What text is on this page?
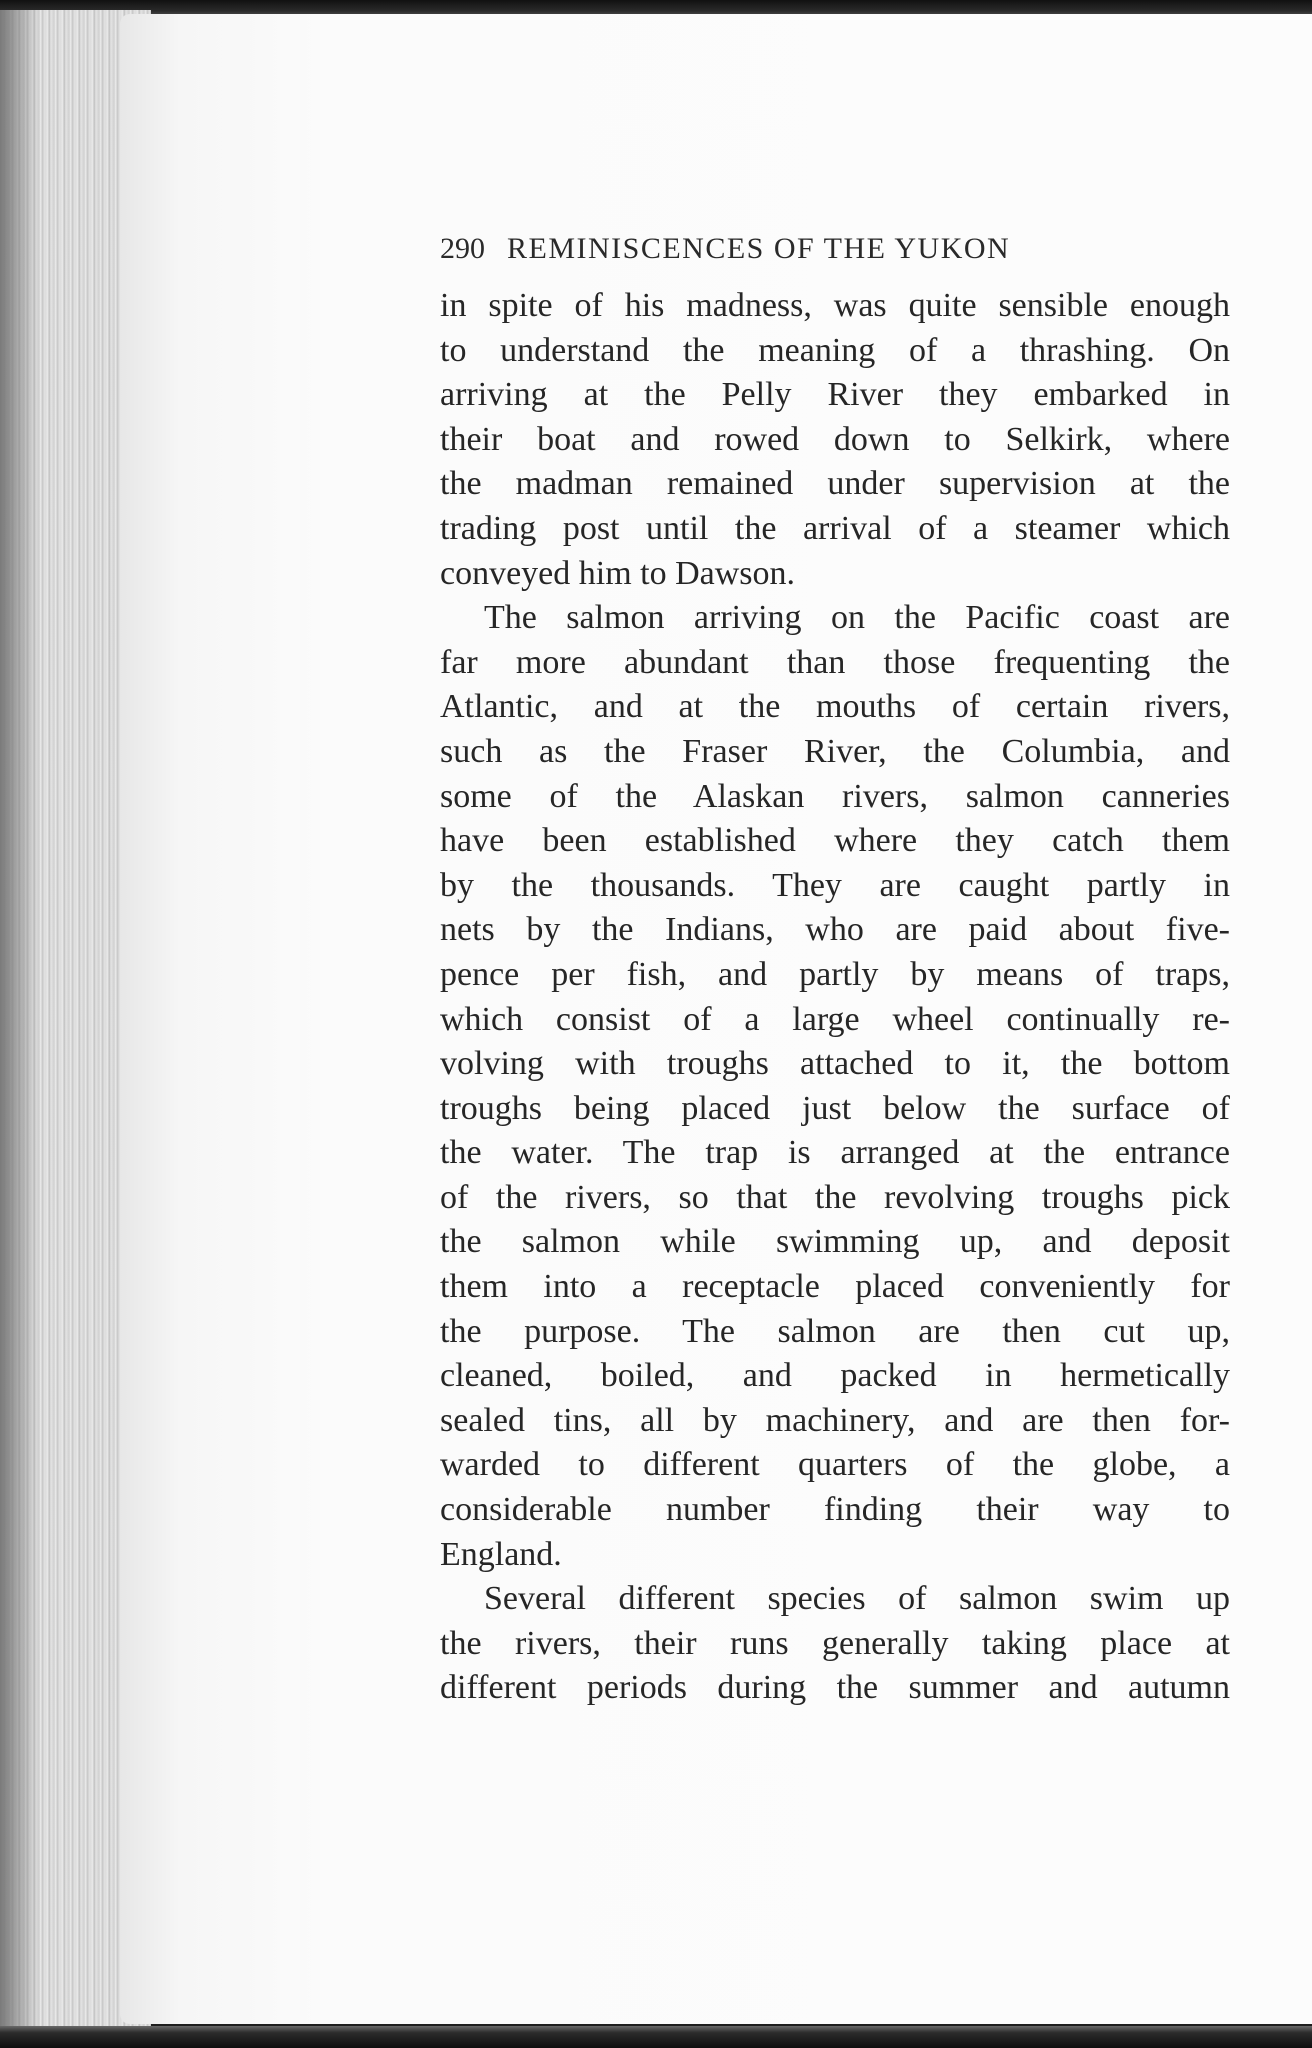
290 REMINISCENCES OF THE YUKON
in spite of his madness, was quite sensible enough
to understand the meaning of a thrashing. On
arriving at the Pelly River they embarked in
their boat and rowed down to Selkirk, where
the madman remained under supervision at the
trading post until the arrival of a steamer which
conveyed him to Dawson.
The salmon arriving on the Pacific coast are
far more abundant than those frequenting the
Atlantic, and at the mouths of certain rivers,
such as the Fraser River, the Columbia, and
some of the Alaskan rivers, salmon canneries
have been established where they catch them
by the thousands. They are caught partly in
nets by the Indians, who are paid about five-
pence per fish, and partly by means of traps,
which consist of a large wheel continually re-
volving with troughs attached to it, the bottom
troughs being placed just below the surface of
the water. The trap is arranged at the entrance
of the rivers, so that the revolving troughs pick
the salmon while swimming up, and deposit
them into a receptacle placed conveniently for
the purpose. The salmon are then cut up,
cleaned, boiled, and packed in hermetically
sealed tins, all by machinery, and are then for-
warded to different quarters of the globe, a
considerable number finding their way to
England.
Several different species of salmon swim up
the rivers, their runs generally taking place at
different periods during the summer and autumn
